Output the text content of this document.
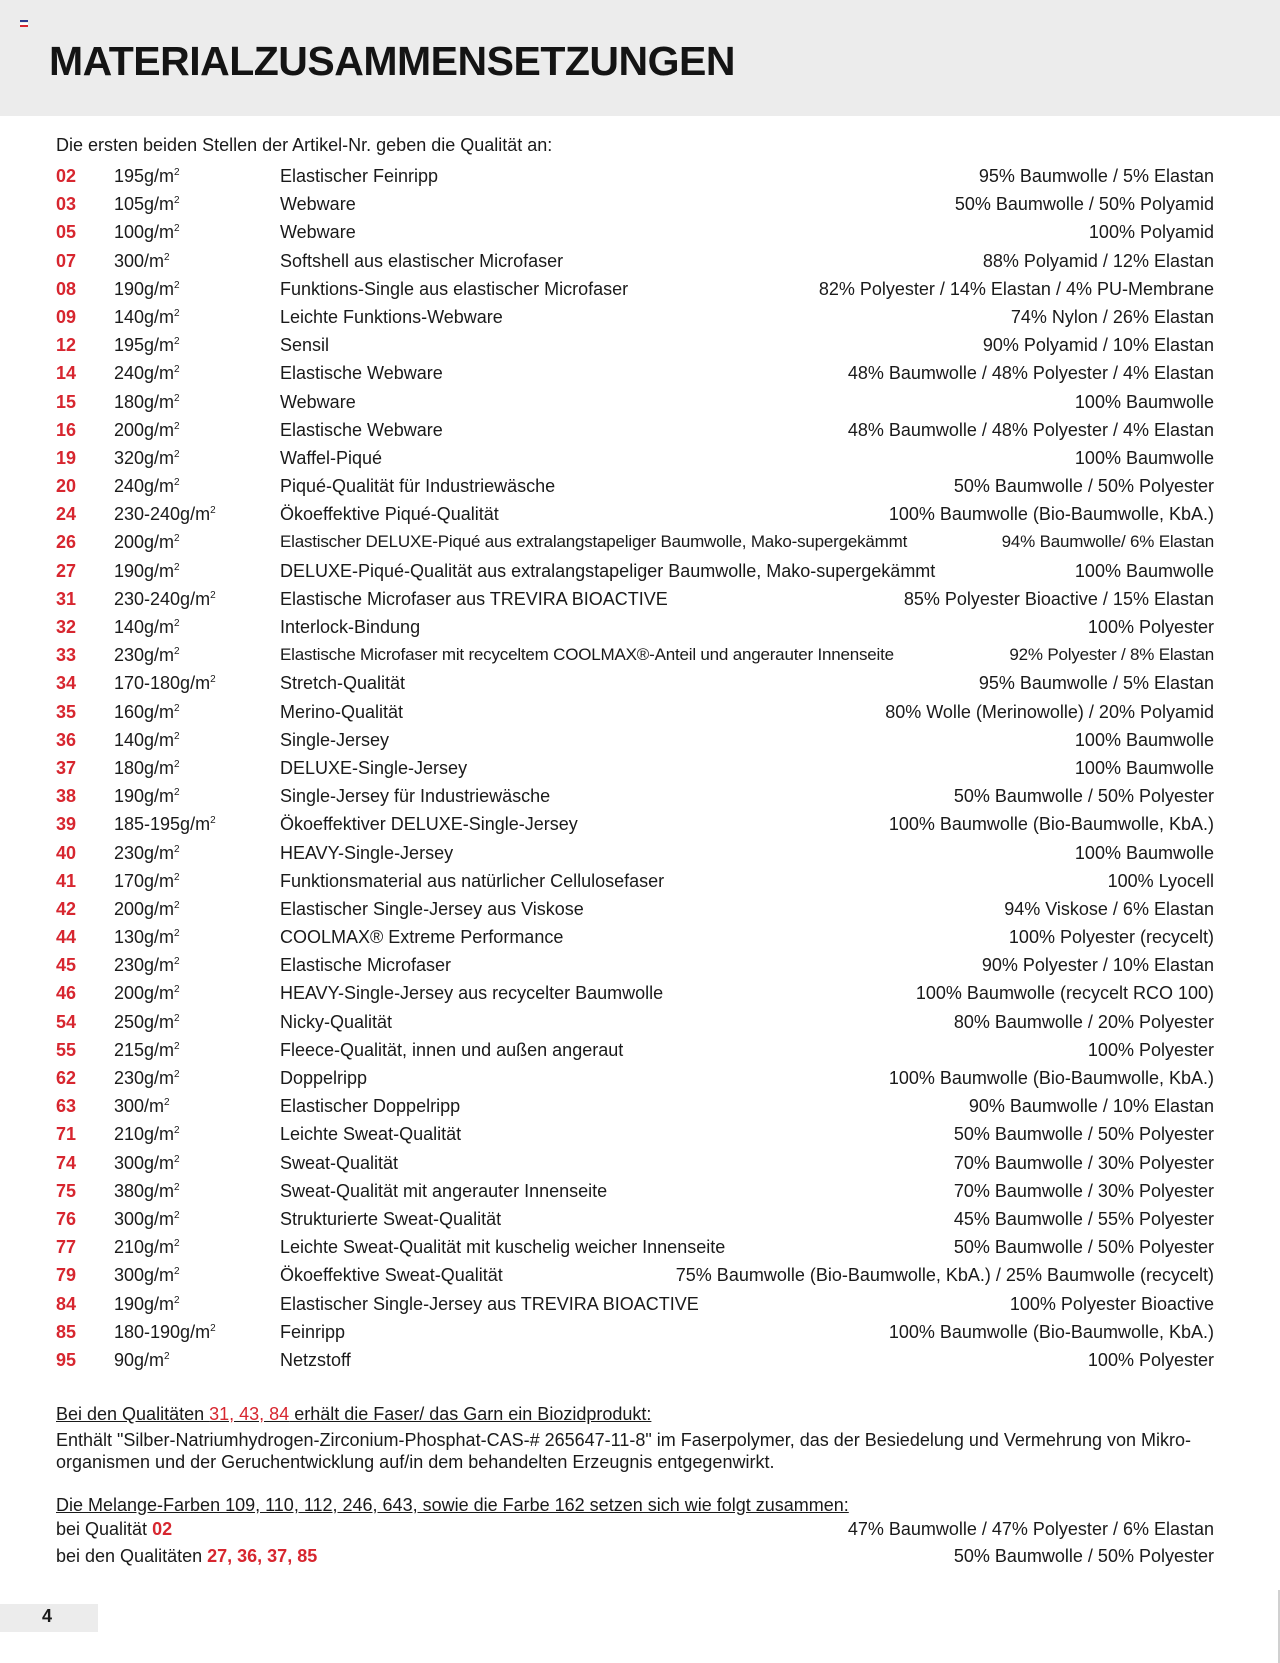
MATERIALZUSAMMENSETZUNGEN
Die ersten beiden Stellen der Artikel-Nr. geben die Qualität an:
02 $195g/m^2$	Elastischer Feinripp	95% Baumwolle / 5% Elastan
03 $105g/m^2$	Webware	50% Baumwolle / 50% Polyamid
05 $100g/m^2$	Webware	100% Polyamid
07 $300/m^2$	Softshell aus elastischer Microfaser	88% Polyamid / 12% Elastan
08 $190g/m^2$	Funktions-Single aus elastischer Microfaser	82% Polyester / 14% Elastan / 4% PU-Membrane
09 $140g/m^2$	Leichte Funktions-Webware	74% Nylon / 26% Elastan
12 $195g/m^2$	Sensil	90% Polyamid / 10% Elastan
14 $240g/m^2$	Elastische Webware	48% Baumwolle / 48% Polyester / 4% Elastan
15 $180g/m^2$	Webware	100% Baumwolle
16 $200g/m^2$	Elastische Webware	48% Baumwolle / 48% Polyester / 4% Elastan
19 $320g/m^2$	Waffel-Piqué	100% Baumwolle
20 $240g/m^2$	Piqué-Qualität für Industriewäsche	50% Baumwolle / 50% Polyester
24 $230-240g/m^2$	Ökoeffektive Piqué-Qualität	100% Baumwolle (Bio-Baumwolle, KbA.)
26 $200g/m^2$	Elastischer DELUXE-Piqué aus extralangstapeliger Baumwolle, Mako-supergekämmt	94% Baumwolle/ 6% Elastan
27 $190g/m^2$	DELUXE-Piqué-Qualität aus extralangstapeliger Baumwolle, Mako-supergekämmt	100% Baumwolle
31 $230-240g/m^2$	Elastische Microfaser aus TREVIRA BIOACTIVE	85% Polyester Bioactive / 15% Elastan
32 $140g/m^2$	Interlock-Bindung	100% Polyester
33 $230g/m^2$	Elastische Microfaser mit recyceltem COOLMAX®-Anteil und angerauter Innenseite	92% Polyester / 8% Elastan
34 $170-180g/m^2$	Stretch-Qualität	95% Baumwolle / 5% Elastan
35 $160g/m^2$	Merino-Qualität	80% Wolle (Merinowolle) / 20% Polyamid
36 $140g/m^2$	Single-Jersey	100% Baumwolle
37 $180g/m^2$	DELUXE-Single-Jersey	100% Baumwolle
38 $190g/m^2$	Single-Jersey für Industriewäsche	50% Baumwolle / 50% Polyester
39 $185-195g/m^2$	Ökoeffektiver DELUXE-Single-Jersey	100% Baumwolle (Bio-Baumwolle, KbA.)
40 $230g/m^2$	HEAVY-Single-Jersey	100% Baumwolle
41 $170g/m^2$	Funktionsmaterial aus natürlicher Cellulosefaser	100% Lyocell
42 $200g/m^2$	Elastischer Single-Jersey aus Viskose	94% Viskose / 6% Elastan
44 $130g/m^2$	COOLMAX® Extreme Performance	100% Polyester (recycelt)
45 $230g/m^2$	Elastische Microfaser	90% Polyester / 10% Elastan
46 $200g/m^2$	HEAVY-Single-Jersey aus recycelter Baumwolle	100% Baumwolle (recycelt RCO 100)
54 $250g/m^2$	Nicky-Qualität	80% Baumwolle / 20% Polyester
55 $215g/m^2$	Fleece-Qualität, innen und außen angeraut	100% Polyester
62 $230g/m^2$	Doppelripp	100% Baumwolle (Bio-Baumwolle, KbA.)
63 $300/m^2$	Elastischer Doppelripp	90% Baumwolle / 10% Elastan
71 $210g/m^2$	Leichte Sweat-Qualität	50% Baumwolle / 50% Polyester
74 $300g/m^2$	Sweat-Qualität	70% Baumwolle / 30% Polyester
75 $380g/m^2$	Sweat-Qualität mit angerauter Innenseite	70% Baumwolle / 30% Polyester
76 $300g/m^2$	Strukturierte Sweat-Qualität	45% Baumwolle / 55% Polyester
77 $210g/m^2$	Leichte Sweat-Qualität mit kuschelig weicher Innenseite	50% Baumwolle / 50% Polyester
79 $300g/m^2$	Ökoeffektive Sweat-Qualität	75% Baumwolle (Bio-Baumwolle, KbA.) / 25% Baumwolle (recycelt)
84 $190g/m^2$	Elastischer Single-Jersey aus TREVIRA BIOACTIVE	100% Polyester Bioactive
85 $180-190g/m^2$	Feinripp	100% Baumwolle (Bio-Baumwolle, KbA.)
95 $90g/m^2$	Netzstoff	100% Polyester
Bei den Qualitäten 31, 43, 84 erhält die Faser/ das Garn ein Biozidprodukt:

Enthält "Silber-Natriumhydrogen-Zirconium-Phosphat-CAS-# 265647-11-8" im Faserpolymer, das der Besiedelung und Vermehrung von Mikro- organismen und der Geruchentwicklung auf/in dem behandelten Erzeugnis entgegenwirkt.

Die Melange-Farben 109, 110, 112, 246, 643, sowie die Farbe 162 setzen sich wie folgt zusammen:
bei Qualität 02	47% Baumwolle / 47% Polyester / 6% Elastan
bei den Qualitäten 27, 36, 37, 85	50% Baumwolle / 50% Polyester
4
